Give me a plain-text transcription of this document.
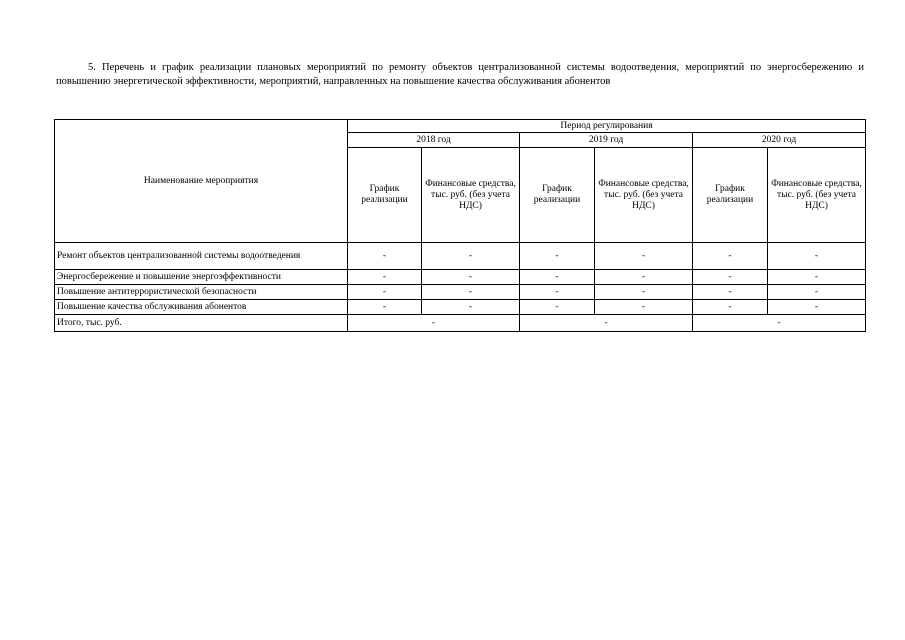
5. Перечень и график реализации плановых мероприятий по ремонту объектов централизованной системы водоотведения, мероприятий по энергосбережению и повышению энергетической эффективности, мероприятий, направленных на повышение качества обслуживания абонентов

Наименование мероприятия	Период регулирования					
	2018 год		2019 год		2020 год	
	График реализации	Финансовые средства, тыс. руб. (без учета НДС)	График реализации	Финансовые средства, тыс. руб. (без учета НДС)	График реализации	Финансовые средства, тыс. руб. (без учета НДС)
Ремонт объектов централизованной системы водоотведения	-	-	-	-	-	-
Энергосбережение и повышение энергоэффективности	-	-	-	-	-	-
Повышение антитеррористической безопасности	-	-	-	-	-	-
Повышение качества обслуживания абонентов	-	-	-	-	-	-
Итого, тыс. руб.	-		-		-	
